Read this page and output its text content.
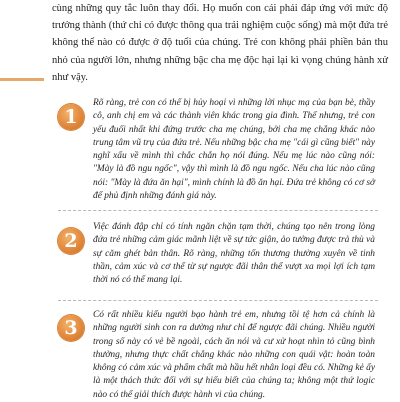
cùng những quy tắc luôn thay đổi. Họ muốn con cái phải đáp ứng với mức độ trưởng thành (thứ chỉ có được thông qua trải nghiệm cuộc sống) mà một đứa trẻ không thể nào có được ở độ tuổi của chúng. Trẻ con không phải phiền bản thu nhỏ của người lớn, nhưng những bậc cha mẹ độc hại lại kì vọng chúng hành xử như vậy.

1

Rõ ràng, trẻ con có thể bị hủy hoại vì những lời nhục mạ của bạn bè, thầy cô, anh chị em và các thành viên khác trong gia đình. Thế nhưng, trẻ con yếu đuối nhất khi đứng trước cha mẹ chúng, bởi cha mẹ chẳng khác nào trung tâm vũ trụ của đứa trẻ. Nếu những bậc cha mẹ "cái gì cũng biết" này nghĩ xấu về mình thì chắc chắn họ nói đúng. Nếu mẹ lúc nào cũng nói: "Mày là đồ ngu ngốc", vậy thì mình là đồ ngu ngốc. Nếu cha lúc nào cũng nói: "Mày là đứa ăn hại", mình chính là đồ ăn hại. Đứa trẻ không có cơ sở để phủ định những đánh giá này.

2

Việc đánh đập chỉ có tính ngăn chặn tạm thời, chúng tạo nên trong lòng đứa trẻ những cảm giác mãnh liệt về sự tức giận, ảo tưởng được trả thù và sự căm ghét bản thân. Rõ ràng, những tổn thương thường xuyên về tinh thần, cảm xúc và cơ thể từ sự ngược đãi thân thể vượt xa mọi lợi ích tạm thời nó có thể mang lại.

3

Có rất nhiều kiểu người bạo hành trẻ em, nhưng tồi tệ hơn cả chính là những người sinh con ra dường như chỉ để ngược đãi chúng. Nhiều người trong số này có vẻ bề ngoài, cách ăn nói và cư xử hoạt nhìn tỏ cũng bình thường, nhưng thực chất chẳng khác nào những con quái vật: hoàn toàn không có cảm xúc và phẩm chất mà hầu hết nhân loại đều có. Những kẻ ấy là một thách thức đối với sự hiểu biết của chúng ta; không một thứ logic nào có thể giải thích được hành vi của chúng.
